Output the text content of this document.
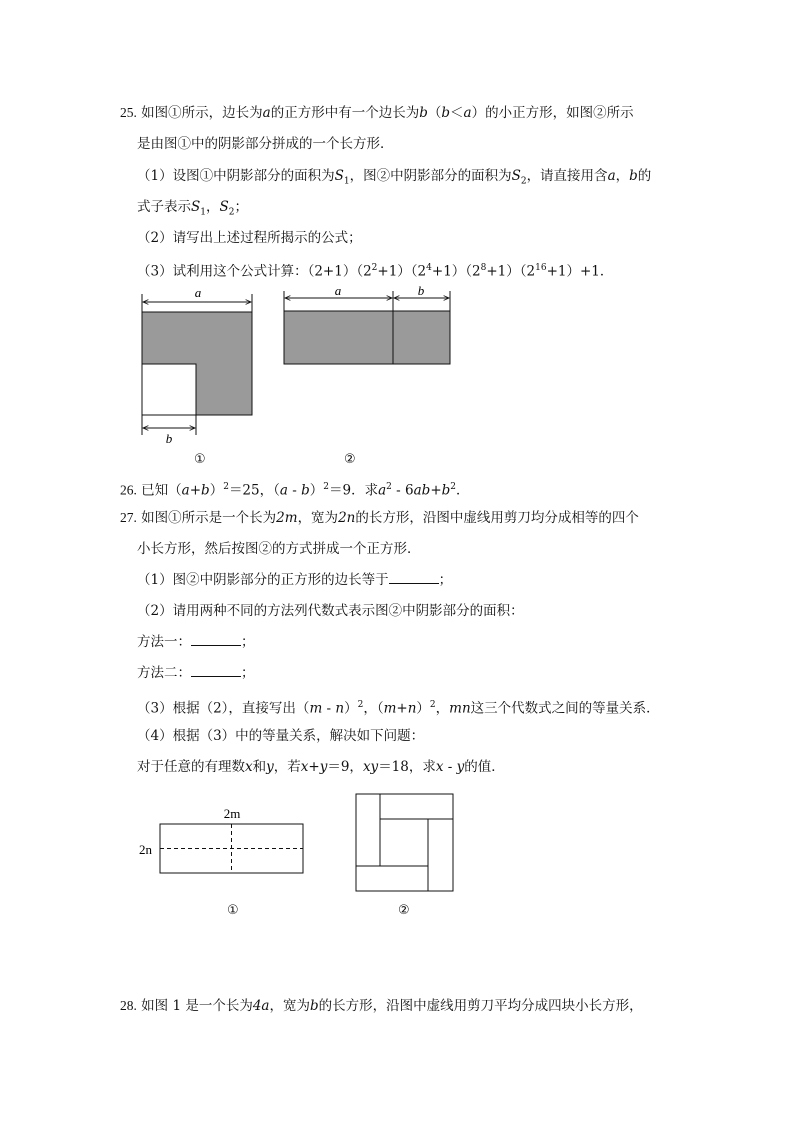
25. 如图①所示，边长为a的正方形中有一个边长为b（b＜a）的小正方形，如图②所示
是由图①中的阴影部分拼成的一个长方形．
（1）设图①中阴影部分的面积为$S_1$，图②中阴影部分的面积为$S_2$，请直接用含a，b的
式子表示$S_1$，$S_2$；
（2）请写出上述过程所揭示的公式；
（3）试利用这个公式计算：$(2+1)(2^2+1)(2^4+1)(2^8+1)(2^{16}+1)+1$．
a
b
①
a	b
②
26. 已知$(a+b)^2=25$，（a - b）$^2$＝9．求$a^2 - 6ab+b^2$．
27. 如图①所示是一个长为2m，宽为2n的长方形，沿图中虚线用剪刀均分成相等的四个
小长方形，然后按图②的方式拼成一个正方形．
（1）图②中阴影部分的正方形的边长等于	；
（2）请用两种不同的方法列代数式表示图②中阴影部分的面积：
方法一：	；
方法二：	；
（3）根据（2），直接写出（m - n）$^2$，$(m+n)^2$，mn这三个代数式之间的等量关系．
（4）根据（3）中的等量关系，解决如下问题：
对于任意的有理数x和y，若x+y＝9，xy＝18，求x - y的值．
2m
2n
①	②
28. 如图 1 是一个长为4a，宽为b的长方形，沿图中虚线用剪刀平均分成四块小长方形，
